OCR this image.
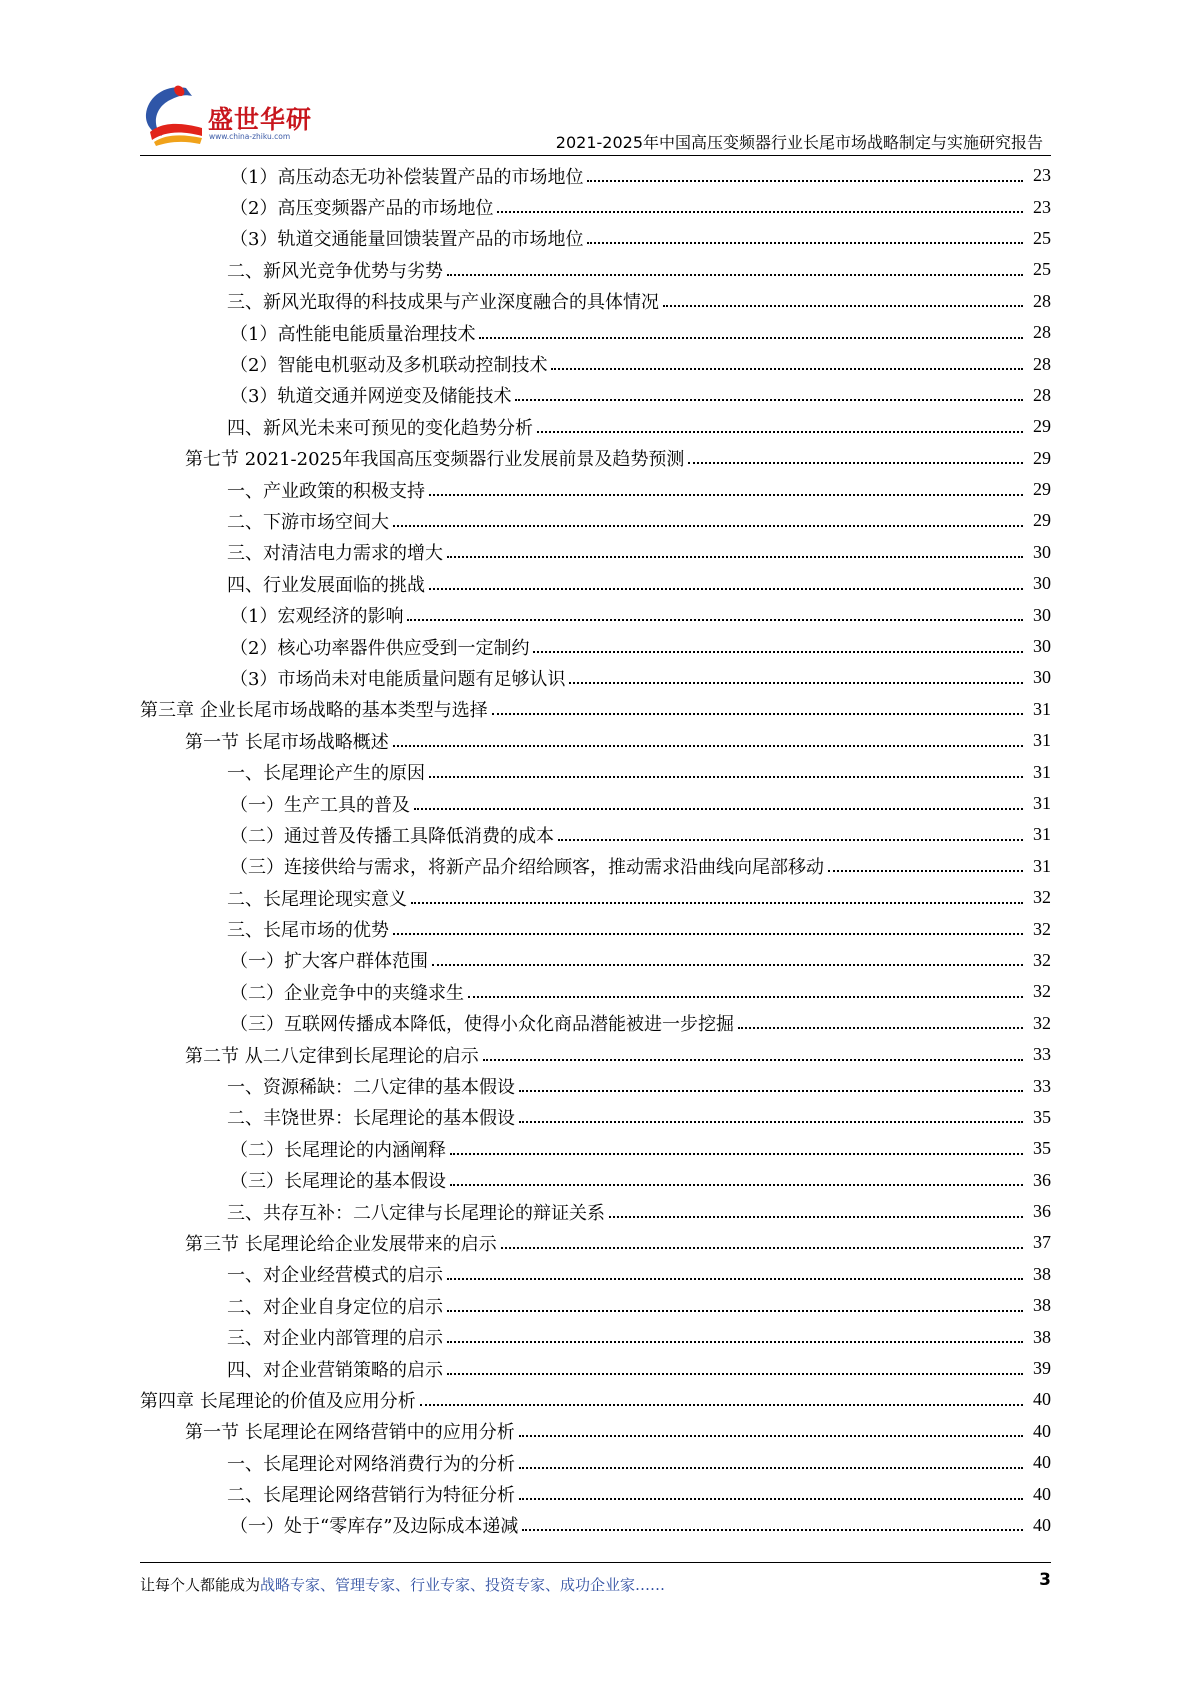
盛世华研
www.china-zhiku.com	2021-2025年中国高压变频器行业长尾市场战略制定与实施研究报告
（1）高压动态无功补偿装置产品的市场地位	23
（2）高压变频器产品的市场地位	23
（3）轨道交通能量回馈装置产品的市场地位	25
二、新风光竞争优势与劣势	25
三、新风光取得的科技成果与产业深度融合的具体情况	28
（1）高性能电能质量治理技术	28
（2）智能电机驱动及多机联动控制技术	28
（3）轨道交通并网逆变及储能技术	28
四、新风光未来可预见的变化趋势分析	29
第七节 2021-2025年我国高压变频器行业发展前景及趋势预测	29
一、产业政策的积极支持	29
二、下游市场空间大	29
三、对清洁电力需求的增大	30
四、行业发展面临的挑战	30
（1）宏观经济的影响	30
（2）核心功率器件供应受到一定制约	30
（3）市场尚未对电能质量问题有足够认识	30
第三章 企业长尾市场战略的基本类型与选择	31
第一节 长尾市场战略概述	31
一、长尾理论产生的原因	31
（一）生产工具的普及	31
（二）通过普及传播工具降低消费的成本	31
（三）连接供给与需求，将新产品介绍给顾客，推动需求沿曲线向尾部移动	31
二、长尾理论现实意义	32
三、长尾市场的优势	32
（一）扩大客户群体范围	32
（二）企业竞争中的夹缝求生	32
（三）互联网传播成本降低，使得小众化商品潜能被进一步挖掘	32
第二节 从二八定律到长尾理论的启示	33
一、资源稀缺：二八定律的基本假设	33
二、丰饶世界：长尾理论的基本假设	35
（二）长尾理论的内涵阐释	35
（三）长尾理论的基本假设	36
三、共存互补：二八定律与长尾理论的辩证关系	36
第三节 长尾理论给企业发展带来的启示	37
一、对企业经营模式的启示	38
二、对企业自身定位的启示	38
三、对企业内部管理的启示	38
四、对企业营销策略的启示	39
第四章 长尾理论的价值及应用分析	40
第一节 长尾理论在网络营销中的应用分析	40
一、长尾理论对网络消费行为的分析	40
二、长尾理论网络营销行为特征分析	40
（一）处于“零库存”及边际成本递减	40
让每个人都能成为战略专家、管理专家、行业专家、投资专家、成功企业家……	3
